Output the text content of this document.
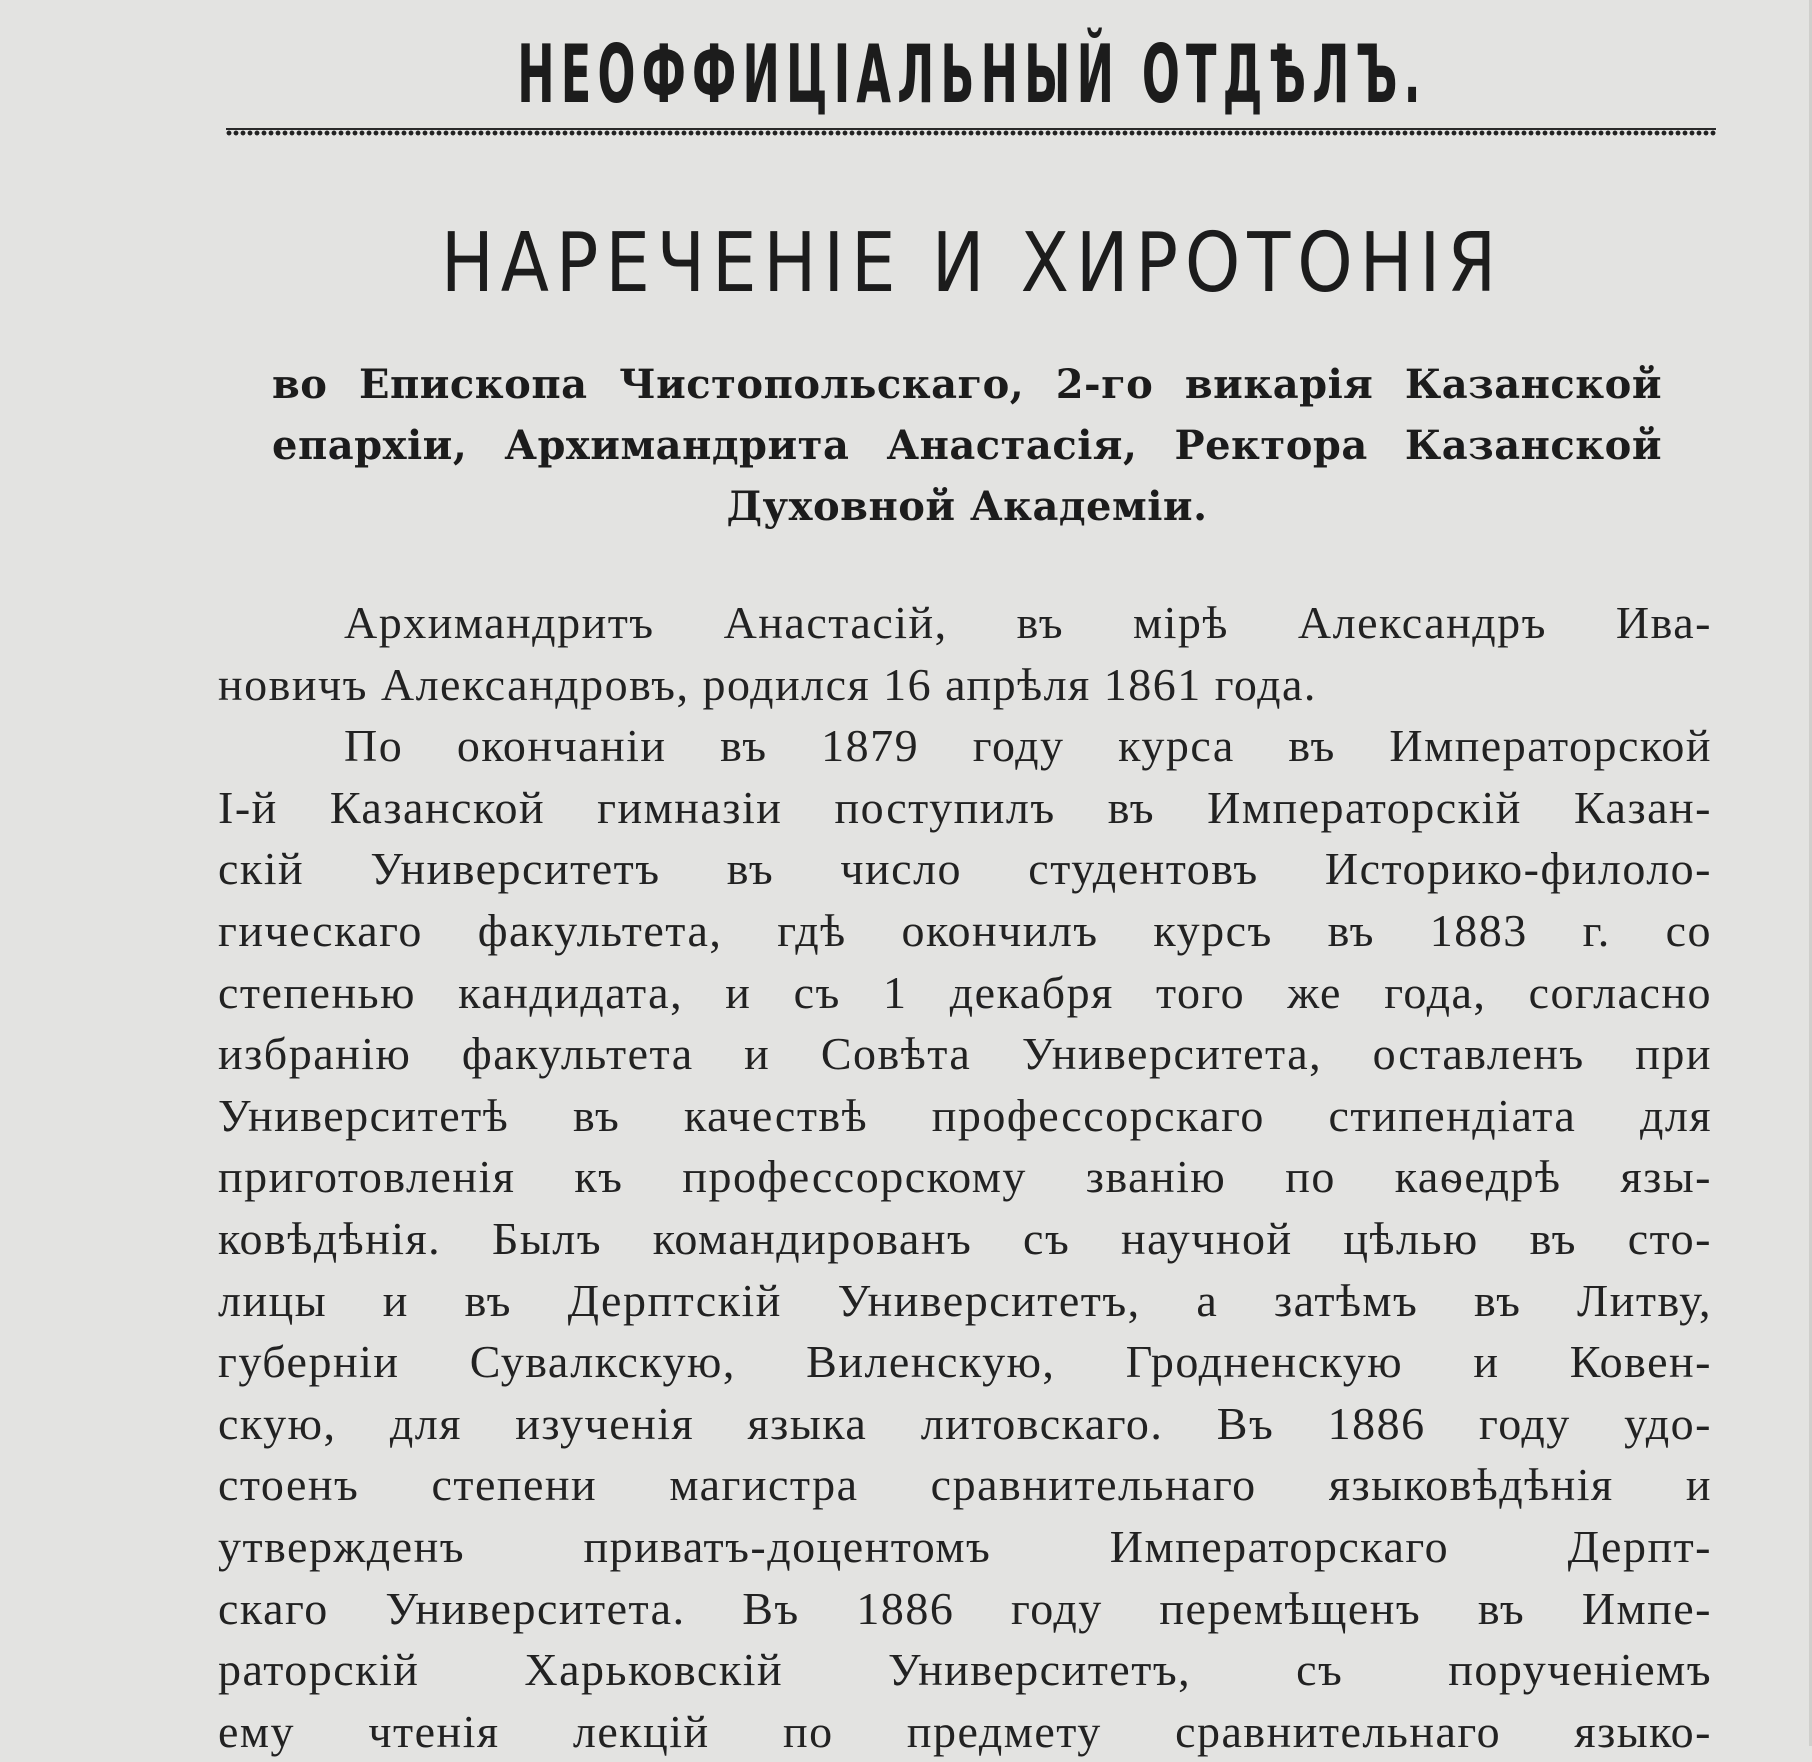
НЕОФФИЦІАЛЬНЫЙ ОТДѢЛЪ.
НАРЕЧЕНІЕ И ХИРОТОНІЯ
во Епископа Чистопольскаго, 2-го викарія Казанской
епархіи, Архимандрита Анастасія, Ректора Казанской
Духовной Академіи.
Архимандритъ Анастасій, въ мірѣ Александръ Ива-
новичъ Александровъ, родился 16 апрѣля 1861 года.
По окончаніи въ 1879 году курса въ Императорской
І-й Казанской гимназіи поступилъ въ Императорскій Казан-
скій Университетъ въ число студентовъ Историко-филоло-
гическаго факультета, гдѣ окончилъ курсъ въ 1883 г. со
степенью кандидата, и съ 1 декабря того же года, согласно
избранію факультета и Совѣта Университета, оставленъ при
Университетѣ въ качествѣ профессорскаго стипендіата для
приготовленія къ профессорскому званію по каѳедрѣ язы-
ковѣдѣнія. Былъ командированъ съ научной цѣлью въ сто-
лицы и въ Дерптскій Университетъ, а затѣмъ въ Литву,
губерніи Сувалкскую, Виленскую, Гродненскую и Ковен-
скую, для изученія языка литовскаго. Въ 1886 году удо-
стоенъ степени магистра сравнительнаго языковѣдѣнія и
утвержденъ приватъ-доцентомъ Императорскаго Дерпт-
скаго Университета. Въ 1886 году перемѣщенъ въ Импе-
раторскій Харьковскій Университетъ, съ порученіемъ
ему чтенія лекцій по предмету сравнительнаго языко-
